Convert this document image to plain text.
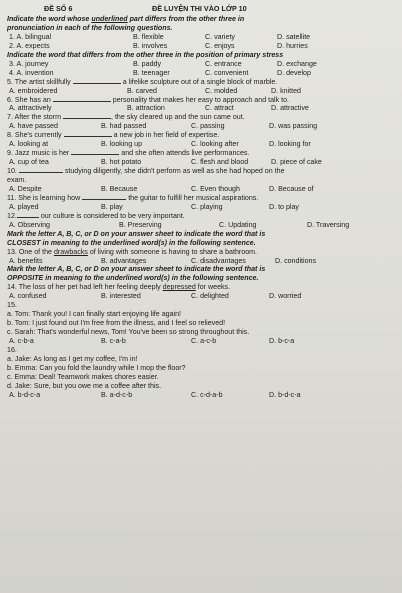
ĐỀ SỐ 6	ĐỀ LUYỆN THI VÀO LỚP 10
Indicate the word whose underlined part differs from the other three in
pronunciation in each of the following questions.
1. A. bilingual	B. flexible	C. variety	D. satellite
2. A. expects	B. involves	C. enjoys	D. hurries
Indicate the word that differs from the other three in the position of primary stress
3. A. journey	B. paddy	C. entrance	D. exchange
4. A. invention	B. teenager	C. convenient	D. develop
5. The artist skillfully	a lifelike sculpture out of a single block of marble.
A. embroidered	B. carved	C. molded	D. knitted
6. She has an	personality that makes her easy to approach and talk to.
A. attractively	B. attraction	C. attract	D. attractive
7. After the storm	, the sky cleared up and the sun came out.
A. have passed	B. had passed	C. passing	D. was passing
8. She's currently	a new job in her field of expertise.
A. looking at	B. looking up	C. looking after	D. looking for
9. Jazz music is her	and she often attends live performances.
A. cup of tea	B. hot potato	C. flesh and blood	D. piece of cake
10.	studying diligently, she didn't perform as well as she had hoped on the
exam.
A. Despite	B. Because	C. Even though	D. Because of
11. She is learning how	the guitar to fulfill her musical aspirations.
A. played	B. play	C. playing	D. to play
12.	our culture is considered to be very important.
A. Observing	B. Preserving	C. Updating	D. Traversing
Mark the letter A, B, C, or D on your answer sheet to indicate the word that is
CLOSEST in meaning to the underlined word(s) in the following sentence.
13. One of the drawbacks of living with someone is having to share a bathroom.
A. benefits	B. advantages	C. disadvantages	D. conditions
Mark the letter A, B, C, or D on your answer sheet to indicate the word that is
OPPOSITE in meaning to the underlined word(s) in the following sentence.
14. The loss of her pet had left her feeling deeply depressed for weeks.
A. confused	B. interested	C. delighted	D. worried
15.
a. Tom: Thank you! I can finally start enjoying life again!
b. Tom: I just found out I'm free from the illness, and I feel so relieved!
c. Sarah: That's wonderful news, Tom! You've been so strong throughout this.
A. c-b-a	B. c-a-b	C. a-c-b	D. b-c-a
16.
a. Jake: As long as I get my coffee, I'm in!
b. Emma: Can you fold the laundry while I mop the floor?
c. Emma: Deal! Teamwork makes chores easier.
d. Jake: Sure, but you owe me a coffee after this.
A. b-d-c-a	B. a-d-c-b	C. c-d-a-b	D. b-d-c-a
